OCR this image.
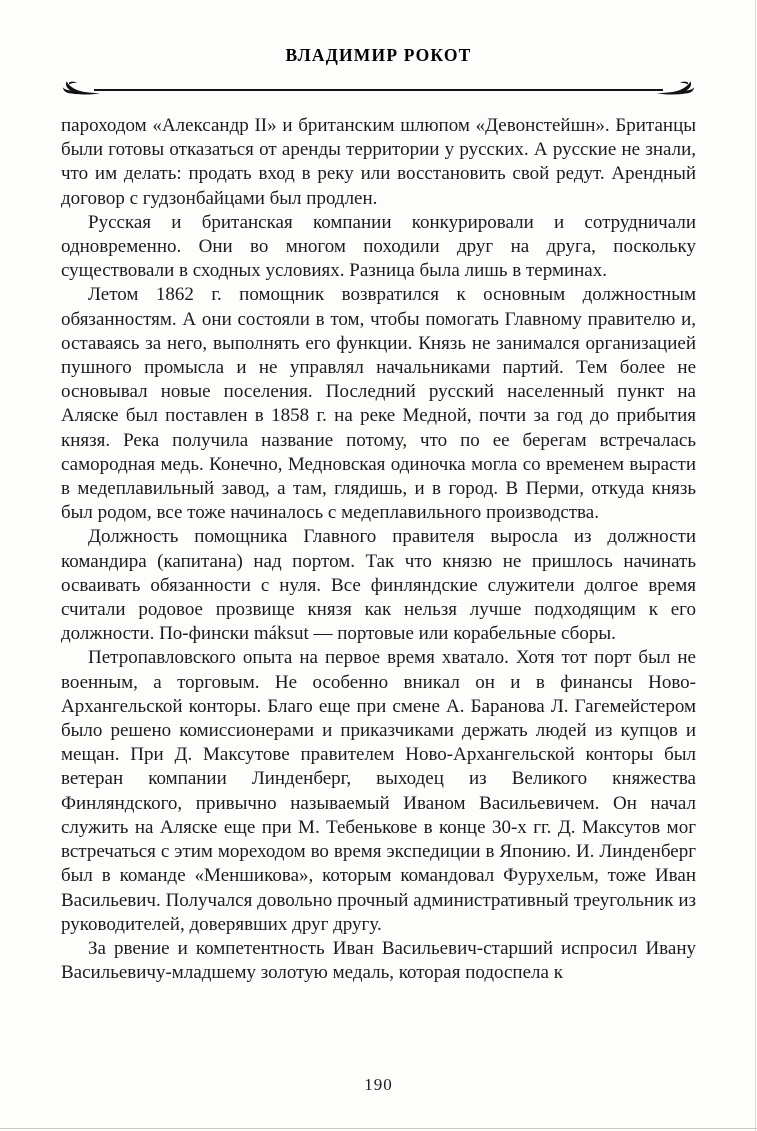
ВЛАДИМИР РОКОТ

пароходом «Александр II» и британским шлюпом «Девонстейшн». Британцы были готовы отказаться от аренды территории у русских. А русские не знали, что им делать: продать вход в реку или восстановить свой редут. Арендный договор с гудзонбайцами был продлен.

Русская и британская компании конкурировали и сотрудничали одновременно. Они во многом походили друг на друга, поскольку существовали в сходных условиях. Разница была лишь в терминах.

Летом 1862 г. помощник возвратился к основным должностным обязанностям. А они состояли в том, чтобы помогать Главному правителю и, оставаясь за него, выполнять его функции. Князь не занимался организацией пушного промысла и не управлял начальниками партий. Тем более не основывал новые поселения. Последний русский населенный пункт на Аляске был поставлен в 1858 г. на реке Медной, почти за год до прибытия князя. Река получила название потому, что по ее берегам встречалась самородная медь. Конечно, Медновская одиночка могла со временем вырасти в медеплавильный завод, а там, глядишь, и в город. В Перми, откуда князь был родом, все тоже начиналось с медеплавильного производства.

Должность помощника Главного правителя выросла из должности командира (капитана) над портом. Так что князю не пришлось начинать осваивать обязанности с нуля. Все финляндские служители долгое время считали родовое прозвище князя как нельзя лучше подходящим к его должности. По-фински máksut — портовые или корабельные сборы.

Петропавловского опыта на первое время хватало. Хотя тот порт был не военным, а торговым. Не особенно вникал он и в финансы Ново-Архангельской конторы. Благо еще при смене А. Баранова Л. Гагемейстером было решено комиссионерами и приказчиками держать людей из купцов и мещан. При Д. Максутове правителем Ново-Архангельской конторы был ветеран компании Линденберг, выходец из Великого княжества Финляндского, привычно называемый Иваном Васильевичем. Он начал служить на Аляске еще при М. Тебенькове в конце 30-х гг. Д. Максутов мог встречаться с этим мореходом во время экспедиции в Японию. И. Линденберг был в команде «Меншикова», которым командовал Фурухельм, тоже Иван Васильевич. Получался довольно прочный административный треугольник из руководителей, доверявших друг другу.

За рвение и компетентность Иван Васильевич-старший испросил Ивану Васильевичу-младшему золотую медаль, которая подоспела к

190
